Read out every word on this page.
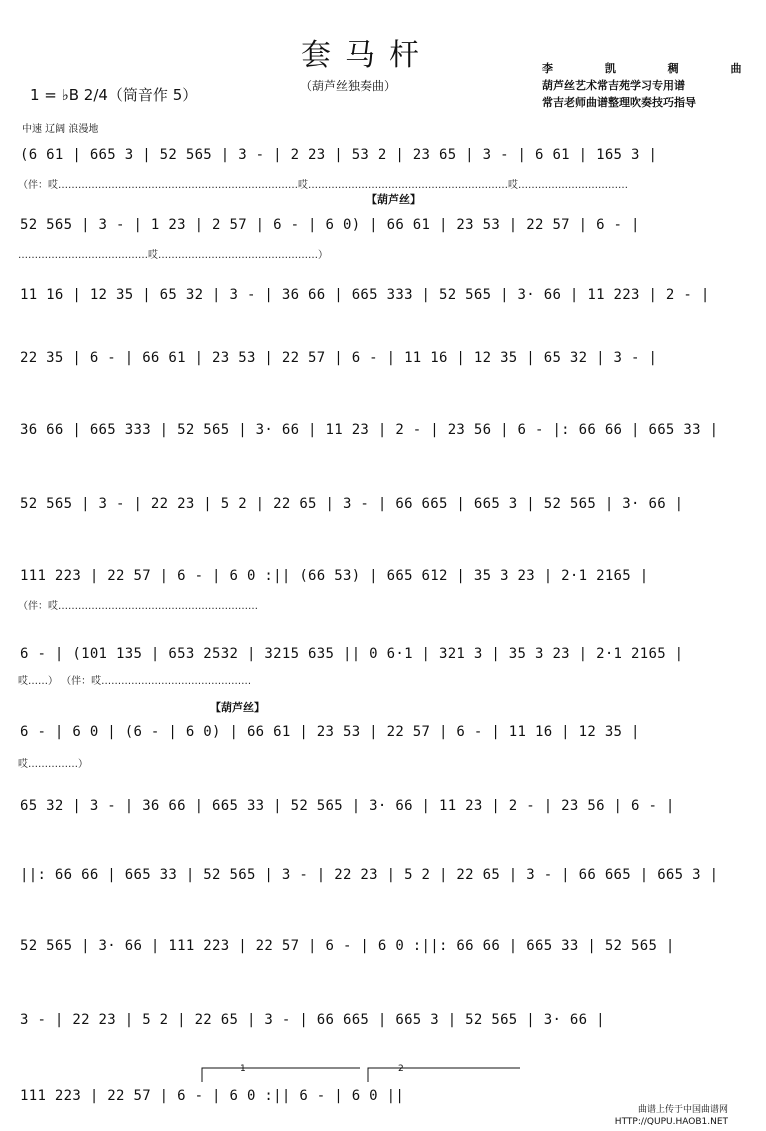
套马杆
（葫芦丝独奏曲）
1 = ♭B 2/4（筒音作 5）
中速 辽阔 浪漫地
李 凯 稠 曲
葫芦丝艺术常吉苑学习专用谱
常吉老师曲谱整理吹奏技巧指导
【葫芦丝】
【葫芦丝】
(6 61 | 665 3 | 52 565 | 3 - | 2 23 | 53 2 | 23 65 | 3 - | 6 61 | 165 3 |
（伴：哎………………………………………………………………哎……………………………………………………哎……………………………
52 565 | 3 - | 1 23 | 2 57 | 6 - | 6 0) | 66 61 | 23 53 | 22 57 | 6 - |
…………………………………哎…………………………………………）
11 16 | 12 35 | 65 32 | 3 - | 36 66 | 665 333 | 52 565 | 3· 66 | 11 223 | 2 - |
22 35 | 6 - | 66 61 | 23 53 | 22 57 | 6 - | 11 16 | 12 35 | 65 32 | 3 - |
36 66 | 665 333 | 52 565 | 3· 66 | 11 23 | 2 - | 23 56 | 6 - |: 66 66 | 665 33 |
52 565 | 3 - | 22 23 | 5 2 | 22 65 | 3 - | 66 665 | 665 3 | 52 565 | 3· 66 |
111 223 | 22 57 | 6 - | 6 0 :|| (66 53) | 665 612 | 35 3 23 | 2·1 2165 |
（伴：哎……………………………………………………
6 - | (101 135 | 653 2532 | 3215 635 || 0 6·1 | 321 3 | 35 3 23 | 2·1 2165 |
哎……） （伴：哎………………………………………
6 - | 6 0 | (6 - | 6 0) | 66 61 | 23 53 | 22 57 | 6 - | 11 16 | 12 35 |
哎……………）
65 32 | 3 - | 36 66 | 665 33 | 52 565 | 3· 66 | 11 23 | 2 - | 23 56 | 6 - |
||: 66 66 | 665 33 | 52 565 | 3 - | 22 23 | 5 2 | 22 65 | 3 - | 66 665 | 665 3 |
52 565 | 3· 66 | 111 223 | 22 57 | 6 - | 6 0 :||: 66 66 | 665 33 | 52 565 |
3 - | 22 23 | 5 2 | 22 65 | 3 - | 66 665 | 665 3 | 52 565 | 3· 66 |
1	2
111 223 | 22 57 | 6 - | 6 0 :|| 6 - | 6 0 ||
曲谱上传于中国曲谱网
HTTP://QUPU.HAOB1.NET
